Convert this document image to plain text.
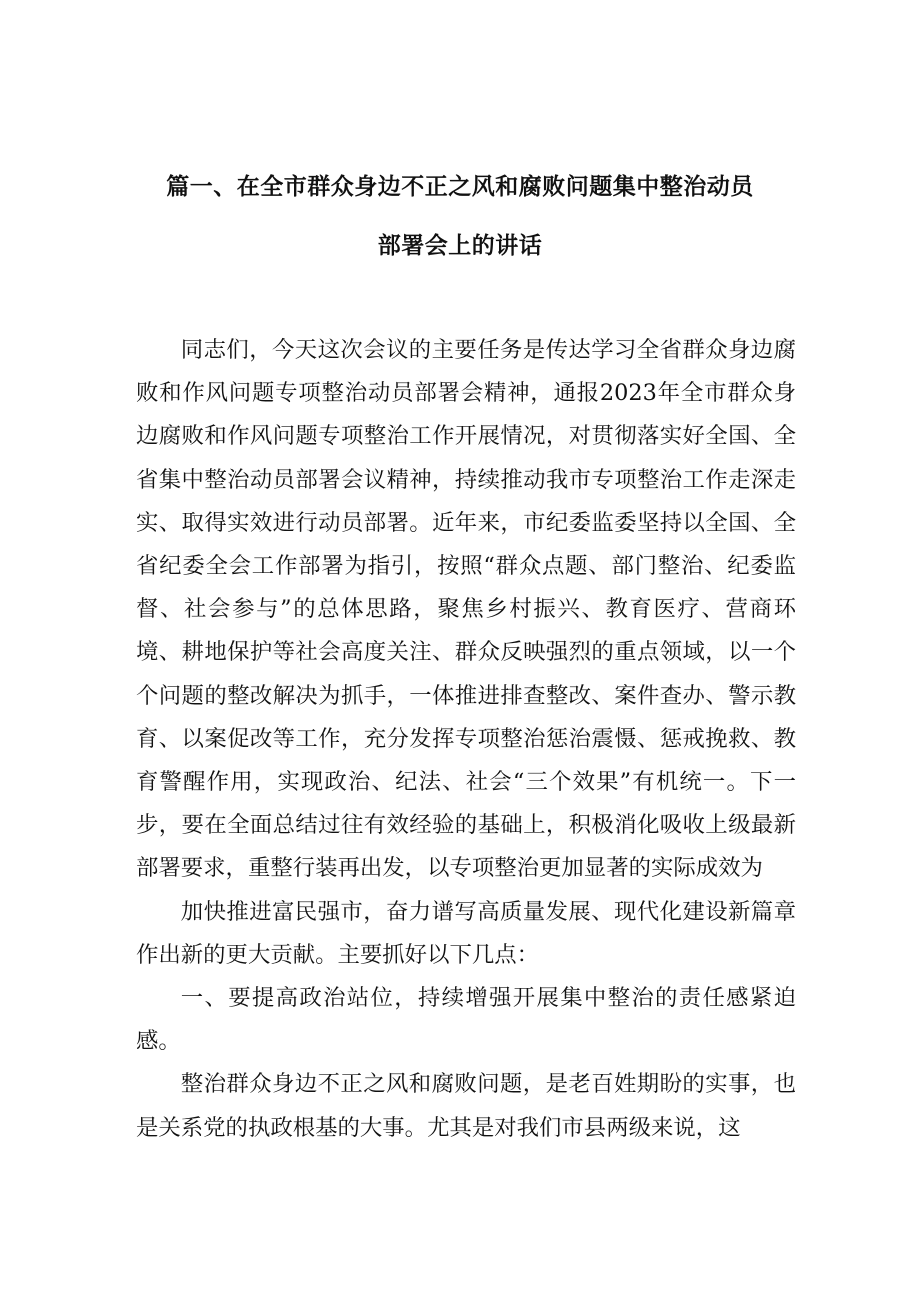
篇一、在全市群众身边不正之风和腐败问题集中整治动员
部署会上的讲话

同志们，今天这次会议的主要任务是传达学习全省群众身边腐败和作风问题专项整治动员部署会精神，通报2023年全市群众身边腐败和作风问题专项整治工作开展情况，对贯彻落实好全国、全省集中整治动员部署会议精神，持续推动我市专项整治工作走深走实、取得实效进行动员部署。近年来，市纪委监委坚持以全国、全省纪委全会工作部署为指引，按照“群众点题、部门整治、纪委监督、社会参与”的总体思路，聚焦乡村振兴、教育医疗、营商环境、耕地保护等社会高度关注、群众反映强烈的重点领域，以一个个问题的整改解决为抓手，一体推进排查整改、案件查办、警示教育、以案促改等工作，充分发挥专项整治惩治震慑、惩戒挽救、教育警醒作用，实现政治、纪法、社会“三个效果”有机统一。下一步，要在全面总结过往有效经验的基础上，积极消化吸收上级最新部署要求，重整行装再出发，以专项整治更加显著的实际成效为

加快推进富民强市，奋力谱写高质量发展、现代化建设新篇章作出新的更大贡献。主要抓好以下几点：

一、要提高政治站位，持续增强开展集中整治的责任感紧迫感。

整治群众身边不正之风和腐败问题，是老百姓期盼的实事，也是关系党的执政根基的大事。尤其是对我们市县两级来说，这
